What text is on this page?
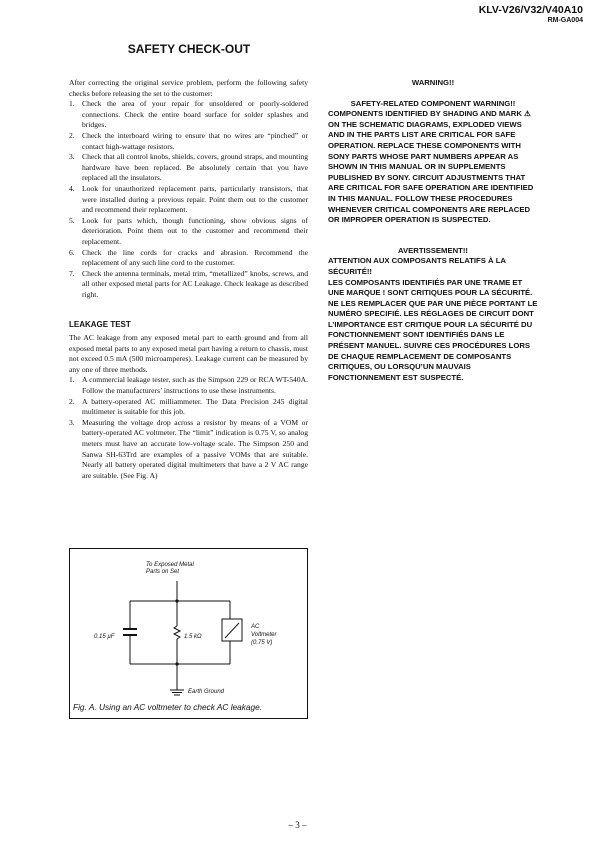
KLV-V26/V32/V40A10
RM-GA004
SAFETY CHECK-OUT

After correcting the original service problem, perform the following safety checks before releasing the set to the customer:

1. Check the area of your repair for unsoldered or poorly-soldered connections. Check the entire board surface for solder splashes and bridges.
2. Check the interboard wiring to ensure that no wires are “pinched” or contact high-wattage resistors.
3. Check that all control knobs, shields, covers, ground straps, and mounting hardware have been replaced. Be absolutely certain that you have replaced all the insulators.
4. Look for unauthorized replacement parts, particularly transistors, that were installed during a previous repair. Point them out to the customer and recommend their replacement.
5. Look for parts which, though functioning, show obvious signs of deterioration. Point them out to the customer and recommend their replacement.
6. Check the line cords for cracks and abrasion. Recommend the replacement of any such line cord to the customer.
7. Check the antenna terminals, metal trim, “metallized” knobs, screws, and all other exposed metal parts for AC Leakage. Check leakage as described right.
LEAKAGE TEST

The AC leakage from any exposed metal part to earth ground and from all exposed metal parts to any exposed metal part having a return to chassis, must not exceed 0.5 mA (500 microamperes). Leakage current can be measured by any one of three methods.

1. A commercial leakage tester, such as the Simpson 229 or RCA WT-540A. Follow the manufacturers’ instructions to use these instruments.
2. A battery-operated AC milliammeter. The Data Precision 245 digital multimeter is suitable for this job.
3. Measuring the voltage drop across a resistor by means of a VOM or battery-operated AC voltmeter. The “limit” indication is 0.75 V, so analog meters must have an accurate low-voltage scale. The Simpson 250 and Sanwa SH-63Trd are examples of a passive VOMs that are suitable. Nearly all battery operated digital multimeters that have a 2 V AC range are suitable. (See Fig. A)

WARNING!!

SAFETY-RELATED COMPONENT WARNING!!

COMPONENTS IDENTIFIED BY SHADING AND MARK ⚠ ON THE SCHEMATIC DIAGRAMS, EXPLODED VIEWS AND IN THE PARTS LIST ARE CRITICAL FOR SAFE OPERATION. REPLACE THESE COMPONENTS WITH SONY PARTS WHOSE PART NUMBERS APPEAR AS SHOWN IN THIS MANUAL OR IN SUPPLEMENTS PUBLISHED BY SONY. CIRCUIT ADJUSTMENTS THAT ARE CRITICAL FOR SAFE OPERATION ARE IDENTIFIED IN THIS MANUAL. FOLLOW THESE PROCEDURES WHENEVER CRITICAL COMPONENTS ARE REPLACED OR IMPROPER OPERATION IS SUSPECTED.

AVERTISSEMENT!!

ATTENTION AUX COMPOSANTS RELATIFS À LA SÉCURITÉ!!

LES COMPOSANTS IDENTIFIÉS PAR UNE TRAME ET UNE MARQUE ! SONT CRITIQUES POUR LA SÉCURITÉ. NE LES REMPLACER QUE PAR UNE PIÈCE PORTANT LE NUMÉRO SPECIFIÉ. LES RÉGLAGES DE CIRCUIT DONT L’IMPORTANCE EST CRITIQUE POUR LA SÉCURITÉ DU FONCTIONNEMENT SONT IDENTIFIÉS DANS LE PRÉSENT MANUEL. SUIVRE CES PROCÉDURES LORS DE CHAQUE REMPLACEMENT DE COMPOSANTS CRITIQUES, OU LORSQU’UN MAUVAIS FONCTIONNEMENT EST SUSPECTÉ.

To Exposed Metal
Parts on Set
0.15 µF	1.5 kΩ
AC
Voltmeter
(0.75 V)
Earth Ground
Fig. A. Using an AC voltmeter to check AC leakage.
– 3 –
